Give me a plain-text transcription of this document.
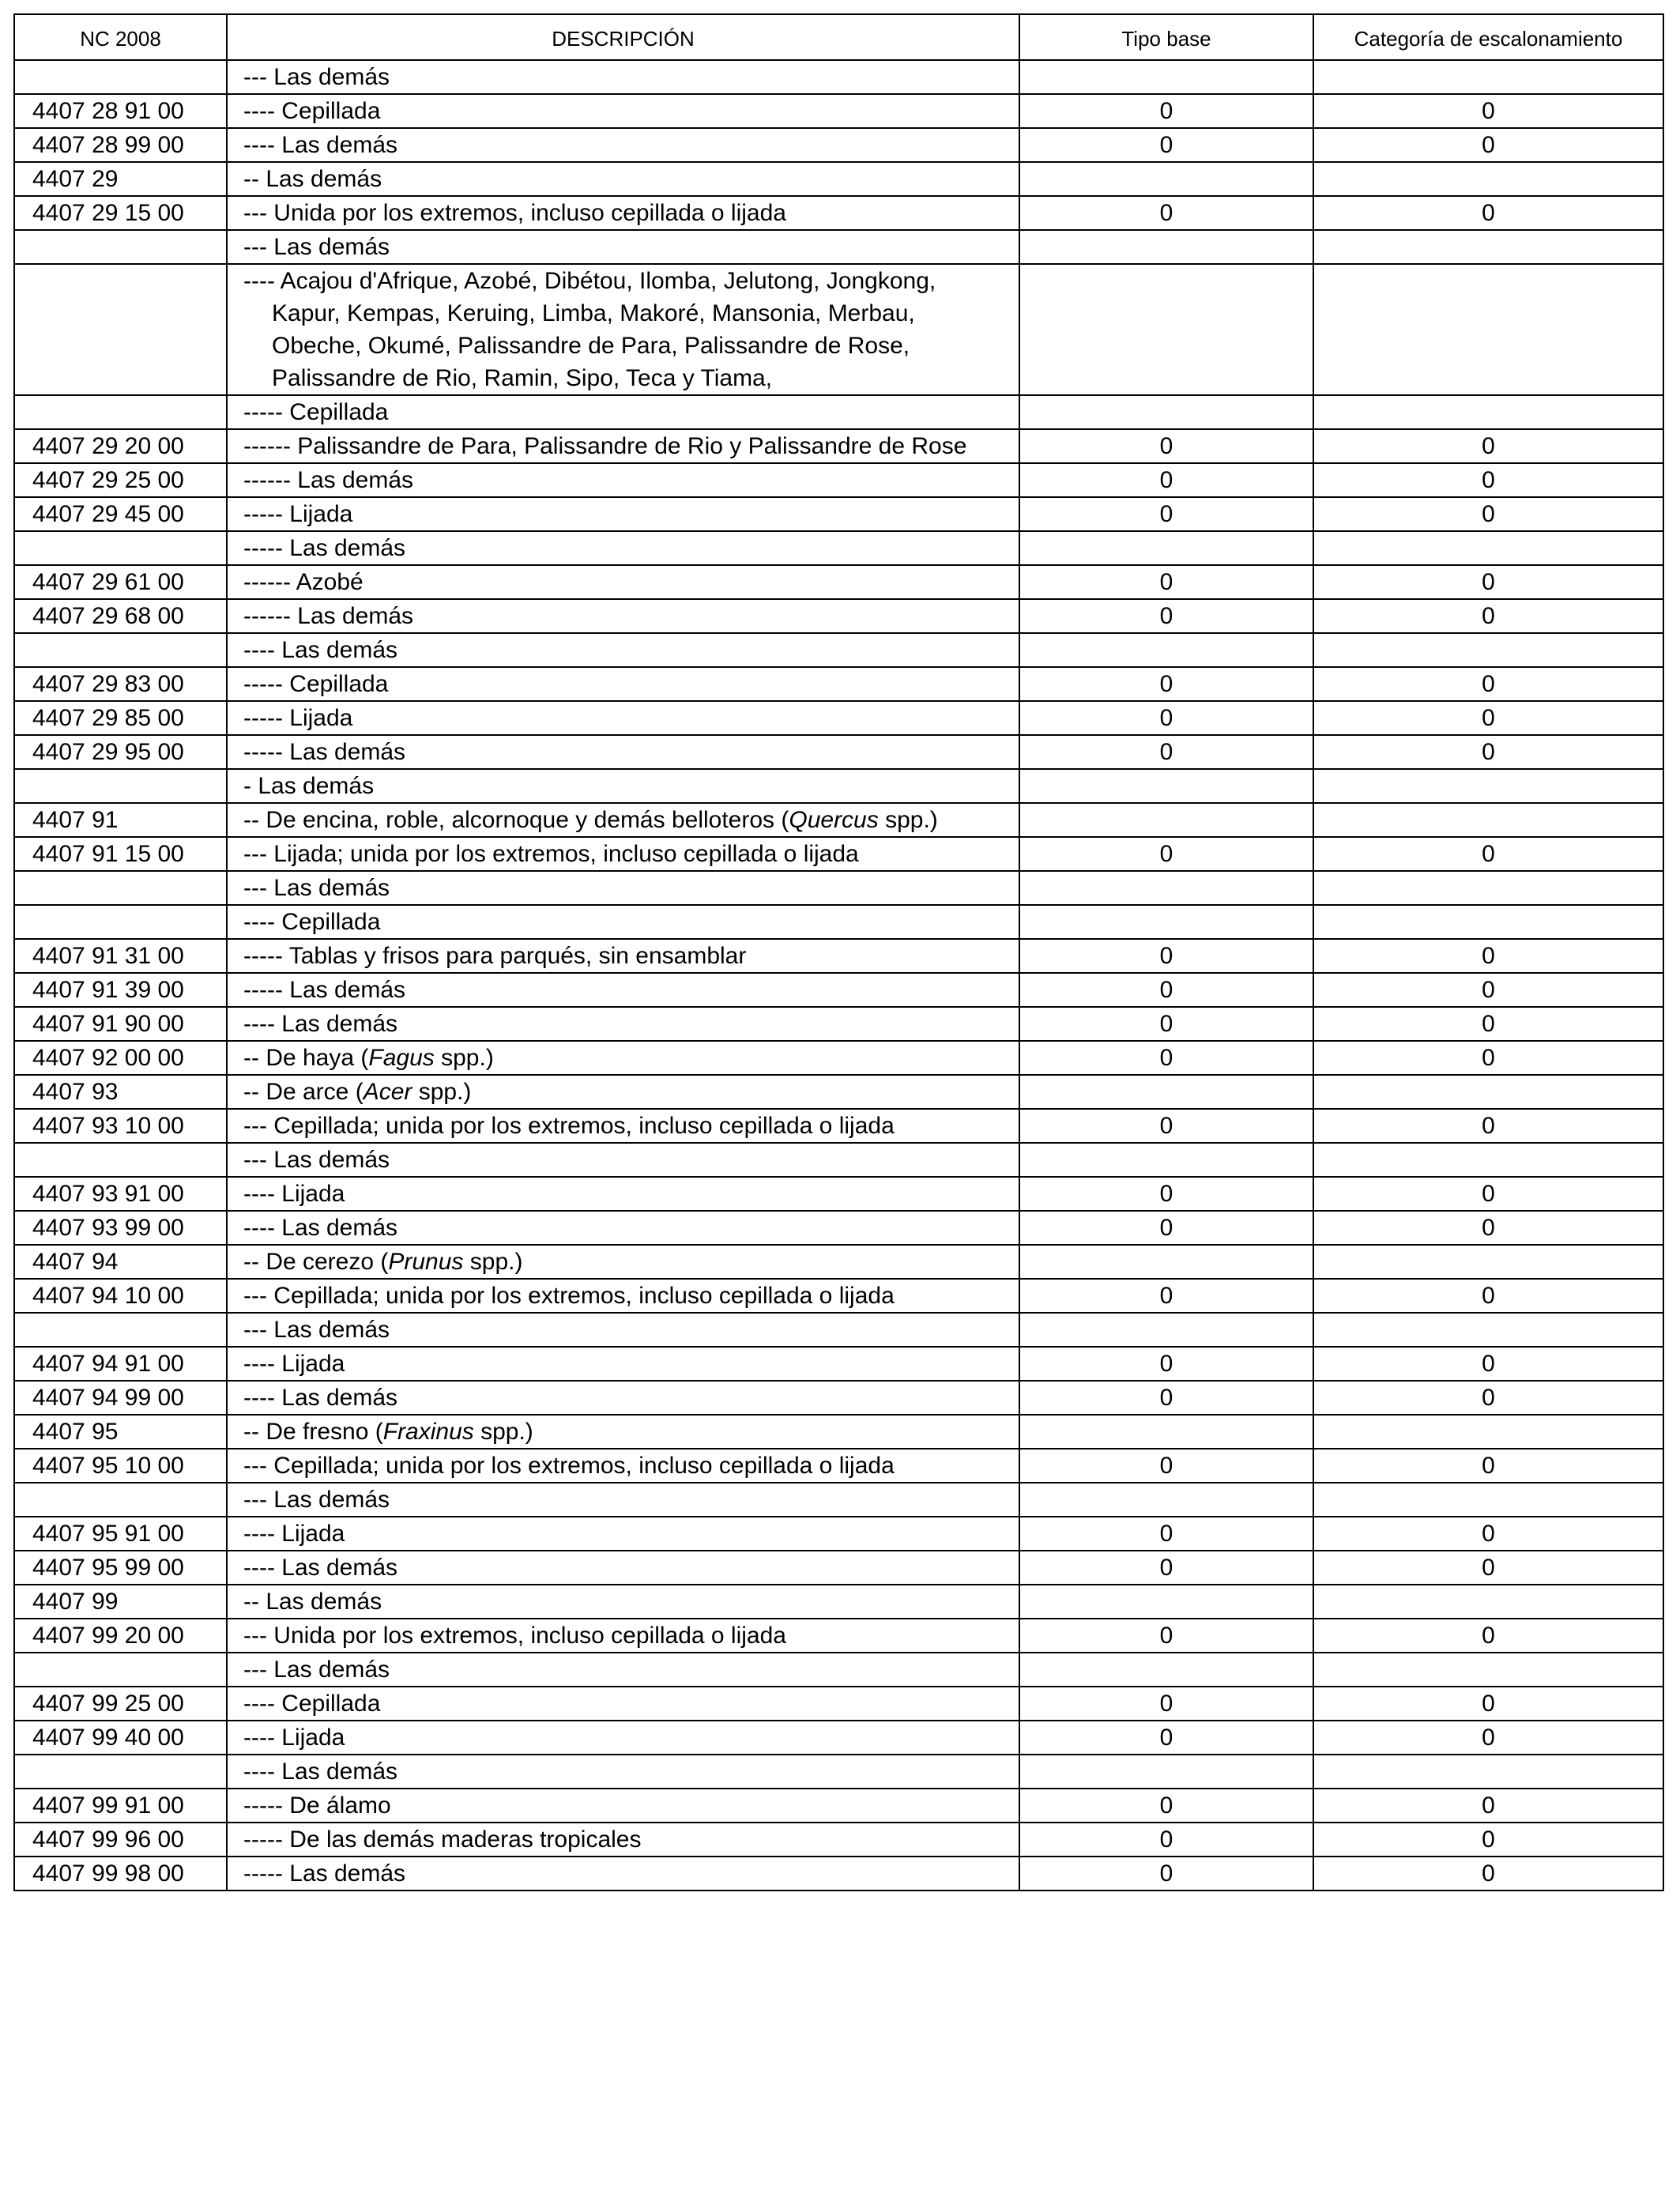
NC 2008	DESCRIPCIÓN	Tipo base	Categoría de escalonamiento

	--- Las demás		

4407 28 91 00	---- Cepillada	0	0
4407 28 99 00	---- Las demás	0	0
4407 29	-- Las demás		

4407 29 15 00	--- Unida por los extremos, incluso cepillada o lijada	0	0

	--- Las demás		

	---- Acajou d'Afrique, Azobé, Dibétou, Ilomba, Jelutong, Jongkong, Kapur, Kempas, Keruing, Limba, Makoré, Mansonia, Merbau, Obeche, Okumé, Palissandre de Para, Palissandre de Rose, Palissandre de Rio, Ramin, Sipo, Teca y Tiama,		

	----- Cepillada		

4407 29 20 00	------ Palissandre de Para, Palissandre de Rio y Palissandre de Rose	0	0
4407 29 25 00	------ Las demás	0	0
4407 29 45 00	----- Lijada	0	0

	----- Las demás		

4407 29 61 00	------ Azobé	0	0
4407 29 68 00	------ Las demás	0	0

	---- Las demás		

4407 29 83 00	----- Cepillada	0	0
4407 29 85 00	----- Lijada	0	0
4407 29 95 00	----- Las demás	0	0

	- Las demás		

4407 91	-- De encina, roble, alcornoque y demás belloteros (Quercus spp.)		

4407 91 15 00	--- Lijada; unida por los extremos, incluso cepillada o lijada	0	0

	--- Las demás		

	---- Cepillada		

4407 91 31 00	----- Tablas y frisos para parqués, sin ensamblar	0	0
4407 91 39 00	----- Las demás	0	0
4407 91 90 00	---- Las demás	0	0
4407 92 00 00	-- De haya (Fagus spp.)	0	0
4407 93	-- De arce (Acer spp.)		

4407 93 10 00	--- Cepillada; unida por los extremos, incluso cepillada o lijada	0	0

	--- Las demás		

4407 93 91 00	---- Lijada	0	0
4407 93 99 00	---- Las demás	0	0
4407 94	-- De cerezo (Prunus spp.)		

4407 94 10 00	--- Cepillada; unida por los extremos, incluso cepillada o lijada	0	0

	--- Las demás		

4407 94 91 00	---- Lijada	0	0
4407 94 99 00	---- Las demás	0	0
4407 95	-- De fresno (Fraxinus spp.)		

4407 95 10 00	--- Cepillada; unida por los extremos, incluso cepillada o lijada	0	0

	--- Las demás		

4407 95 91 00	---- Lijada	0	0
4407 95 99 00	---- Las demás	0	0
4407 99	-- Las demás		

4407 99 20 00	--- Unida por los extremos, incluso cepillada o lijada	0	0

	--- Las demás		

4407 99 25 00	---- Cepillada	0	0
4407 99 40 00	---- Lijada	0	0

	---- Las demás		

4407 99 91 00	----- De álamo	0	0
4407 99 96 00	----- De las demás maderas tropicales	0	0
4407 99 98 00	----- Las demás	0	0
